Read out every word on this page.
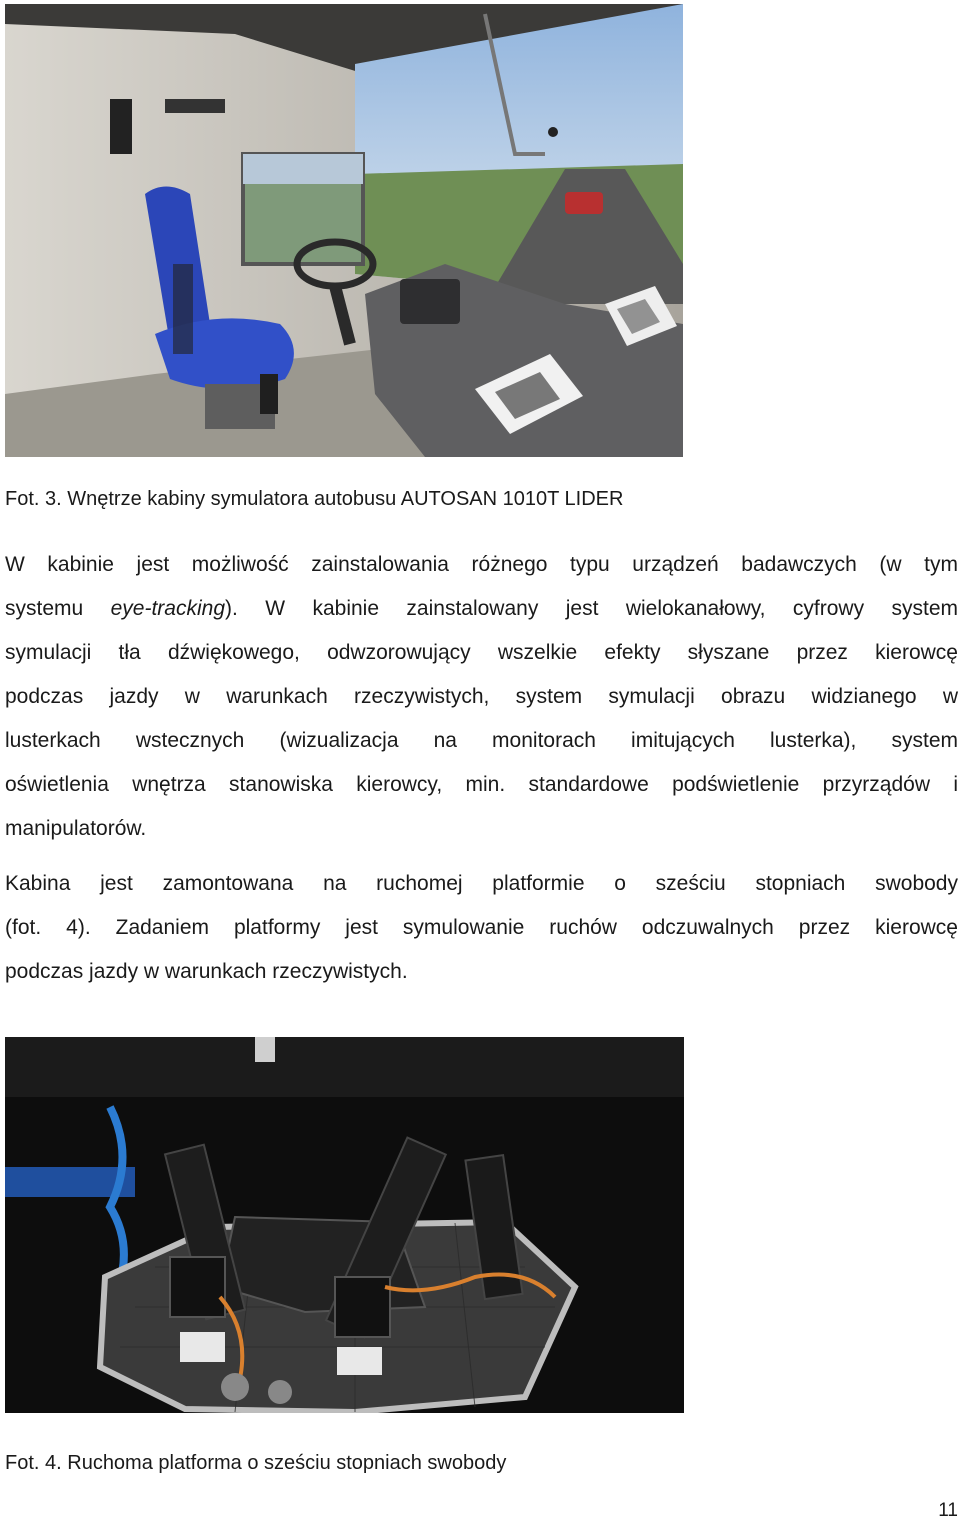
Fot. 3. Wnętrze kabiny symulatora autobusu AUTOSAN 1010T LIDER

W kabinie jest możliwość zainstalowania różnego typu urządzeń badawczych (w tym
systemu eye-tracking). W kabinie zainstalowany jest wielokanałowy, cyfrowy system
symulacji tła dźwiękowego, odwzorowujący wszelkie efekty słyszane przez kierowcę
podczas jazdy w warunkach rzeczywistych, system symulacji obrazu widzianego w
lusterkach wstecznych (wizualizacja na monitorach imitujących lusterka), system
oświetlenia wnętrza stanowiska kierowcy, min. standardowe podświetlenie przyrządów i
manipulatorów.

Kabina jest zamontowana na ruchomej platformie o sześciu stopniach swobody
(fot. 4). Zadaniem platformy jest symulowanie ruchów odczuwalnych przez kierowcę
podczas jazdy w warunkach rzeczywistych.

Fot. 4. Ruchoma platforma o sześciu stopniach swobody
11
